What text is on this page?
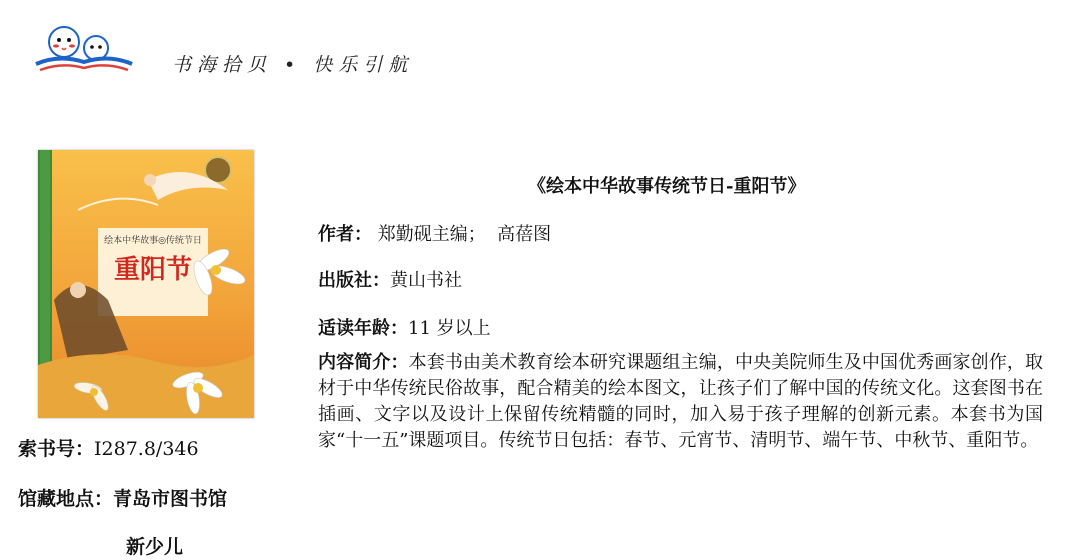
书海拾贝 • 快乐引航
绘本中华故事◎传统节日
重阳节
索书号：I287.8/346
馆藏地点：青岛市图书馆
新少儿
《绘本中华故事传统节日-重阳节》
作者： 郑勤砚主编；  高蓓图
出版社：黄山书社
适读年龄：11 岁以上
内容简介：本套书由美术教育绘本研究课题组主编，中央美院师生及中国优秀画家创作，取材于中华传统民俗故事，配合精美的绘本图文，让孩子们了解中国的传统文化。这套图书在插画、文字以及设计上保留传统精髓的同时，加入易于孩子理解的创新元素。本套书为国家“十一五”课题项目。传统节日包括：春节、元宵节、清明节、端午节、中秋节、重阳节。
